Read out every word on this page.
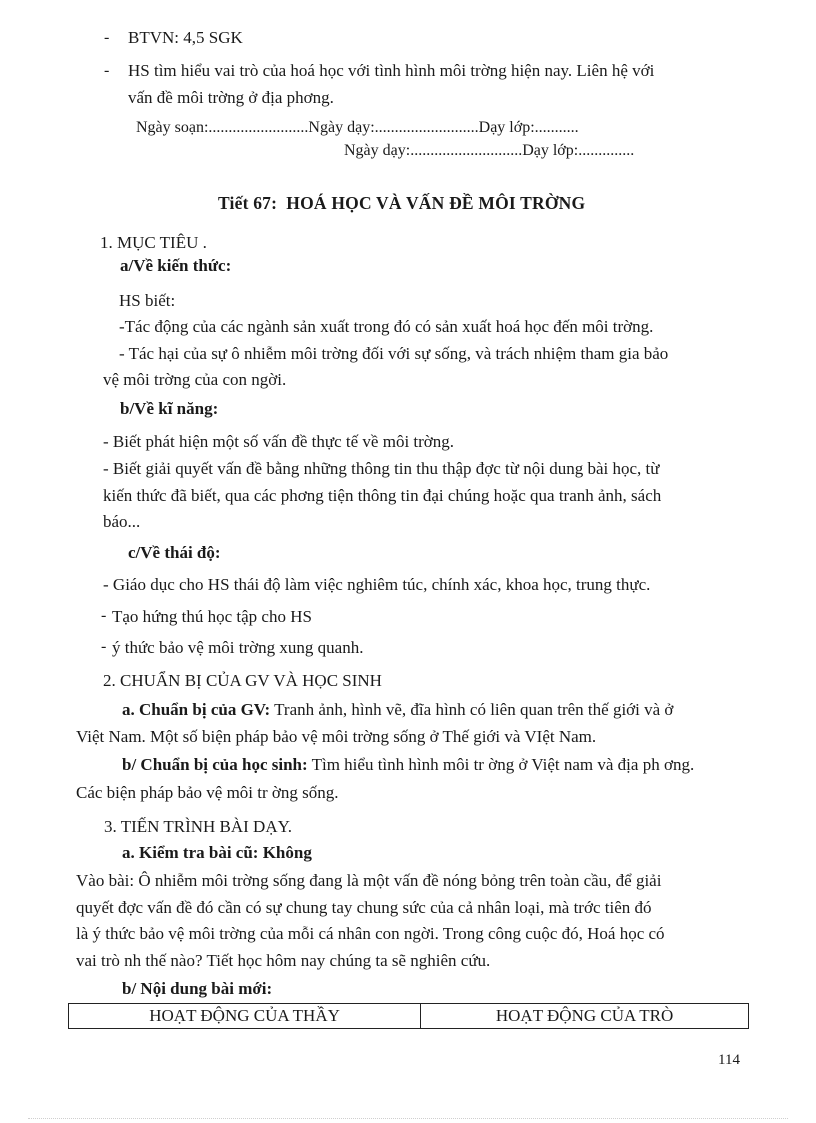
- BTVN: 4,5 SGK
- HS tìm hiểu vai trò của hoá học với tình hình môi trờng hiện nay. Liên hệ với
vấn đề môi trờng ở địa phơng.
Ngày soạn:.........................Ngày dạy:..........................Dạy lớp:...........
Ngày dạy:............................Dạy lớp:..............
Tiết 67: HOÁ HỌC VÀ VẤN ĐỀ MÔI TRỜNG
1. MỤC TIÊU .
a/Về kiến thức:
HS biết:
-Tác động của các ngành sản xuất trong đó có sản xuất hoá học đến môi trờng.
- Tác hại của sự ô nhiễm môi trờng đối với sự sống, và trách nhiệm tham gia bảo
vệ môi trờng của con ngời.
b/Về kĩ năng:
- Biết phát hiện một số vấn đề thực tế về môi trờng.
- Biết giải quyết vấn đề bằng những thông tin thu thập đợc từ nội dung bài học, từ
kiến thức đã biết, qua các phơng tiện thông tin đại chúng hoặc qua tranh ảnh, sách
báo...
c/Về thái độ:
- Giáo dục cho HS thái độ làm việc nghiêm túc, chính xác, khoa học, trung thực.
- Tạo hứng thú học tập cho HS
- ý thức bảo vệ môi trờng xung quanh.
2. CHUẨN BỊ CỦA GV VÀ HỌC SINH
a. Chuẩn bị của GV: Tranh ảnh, hình vẽ, đĩa hình có liên quan trên thế giới và ở
Việt Nam. Một số biện pháp bảo vệ môi trờng sống ở Thế giới và VIệt Nam.
b/ Chuẩn bị của học sinh: Tìm hiểu tình hình môi tr ờng ở Việt nam và địa ph ơng.
Các biện pháp bảo vệ môi tr ờng sống.
3. TIẾN TRÌNH BÀI DẠY.
a. Kiểm tra bài cũ: Không
Vào bài: Ô nhiễm môi trờng sống đang là một vấn đề nóng bỏng trên toàn cầu, để giải
quyết đợc vấn đề đó cần có sự chung tay chung sức của cả nhân loại, mà trớc tiên đó
là ý thức bảo vệ môi trờng của mỗi cá nhân con ngời. Trong công cuộc đó, Hoá học có
vai trò nh thế nào? Tiết học hôm nay chúng ta sẽ nghiên cứu.
b/ Nội dung bài mới:
HOẠT ĐỘNG CỦA THẦY	HOẠT ĐỘNG CỦA TRÒ
114
